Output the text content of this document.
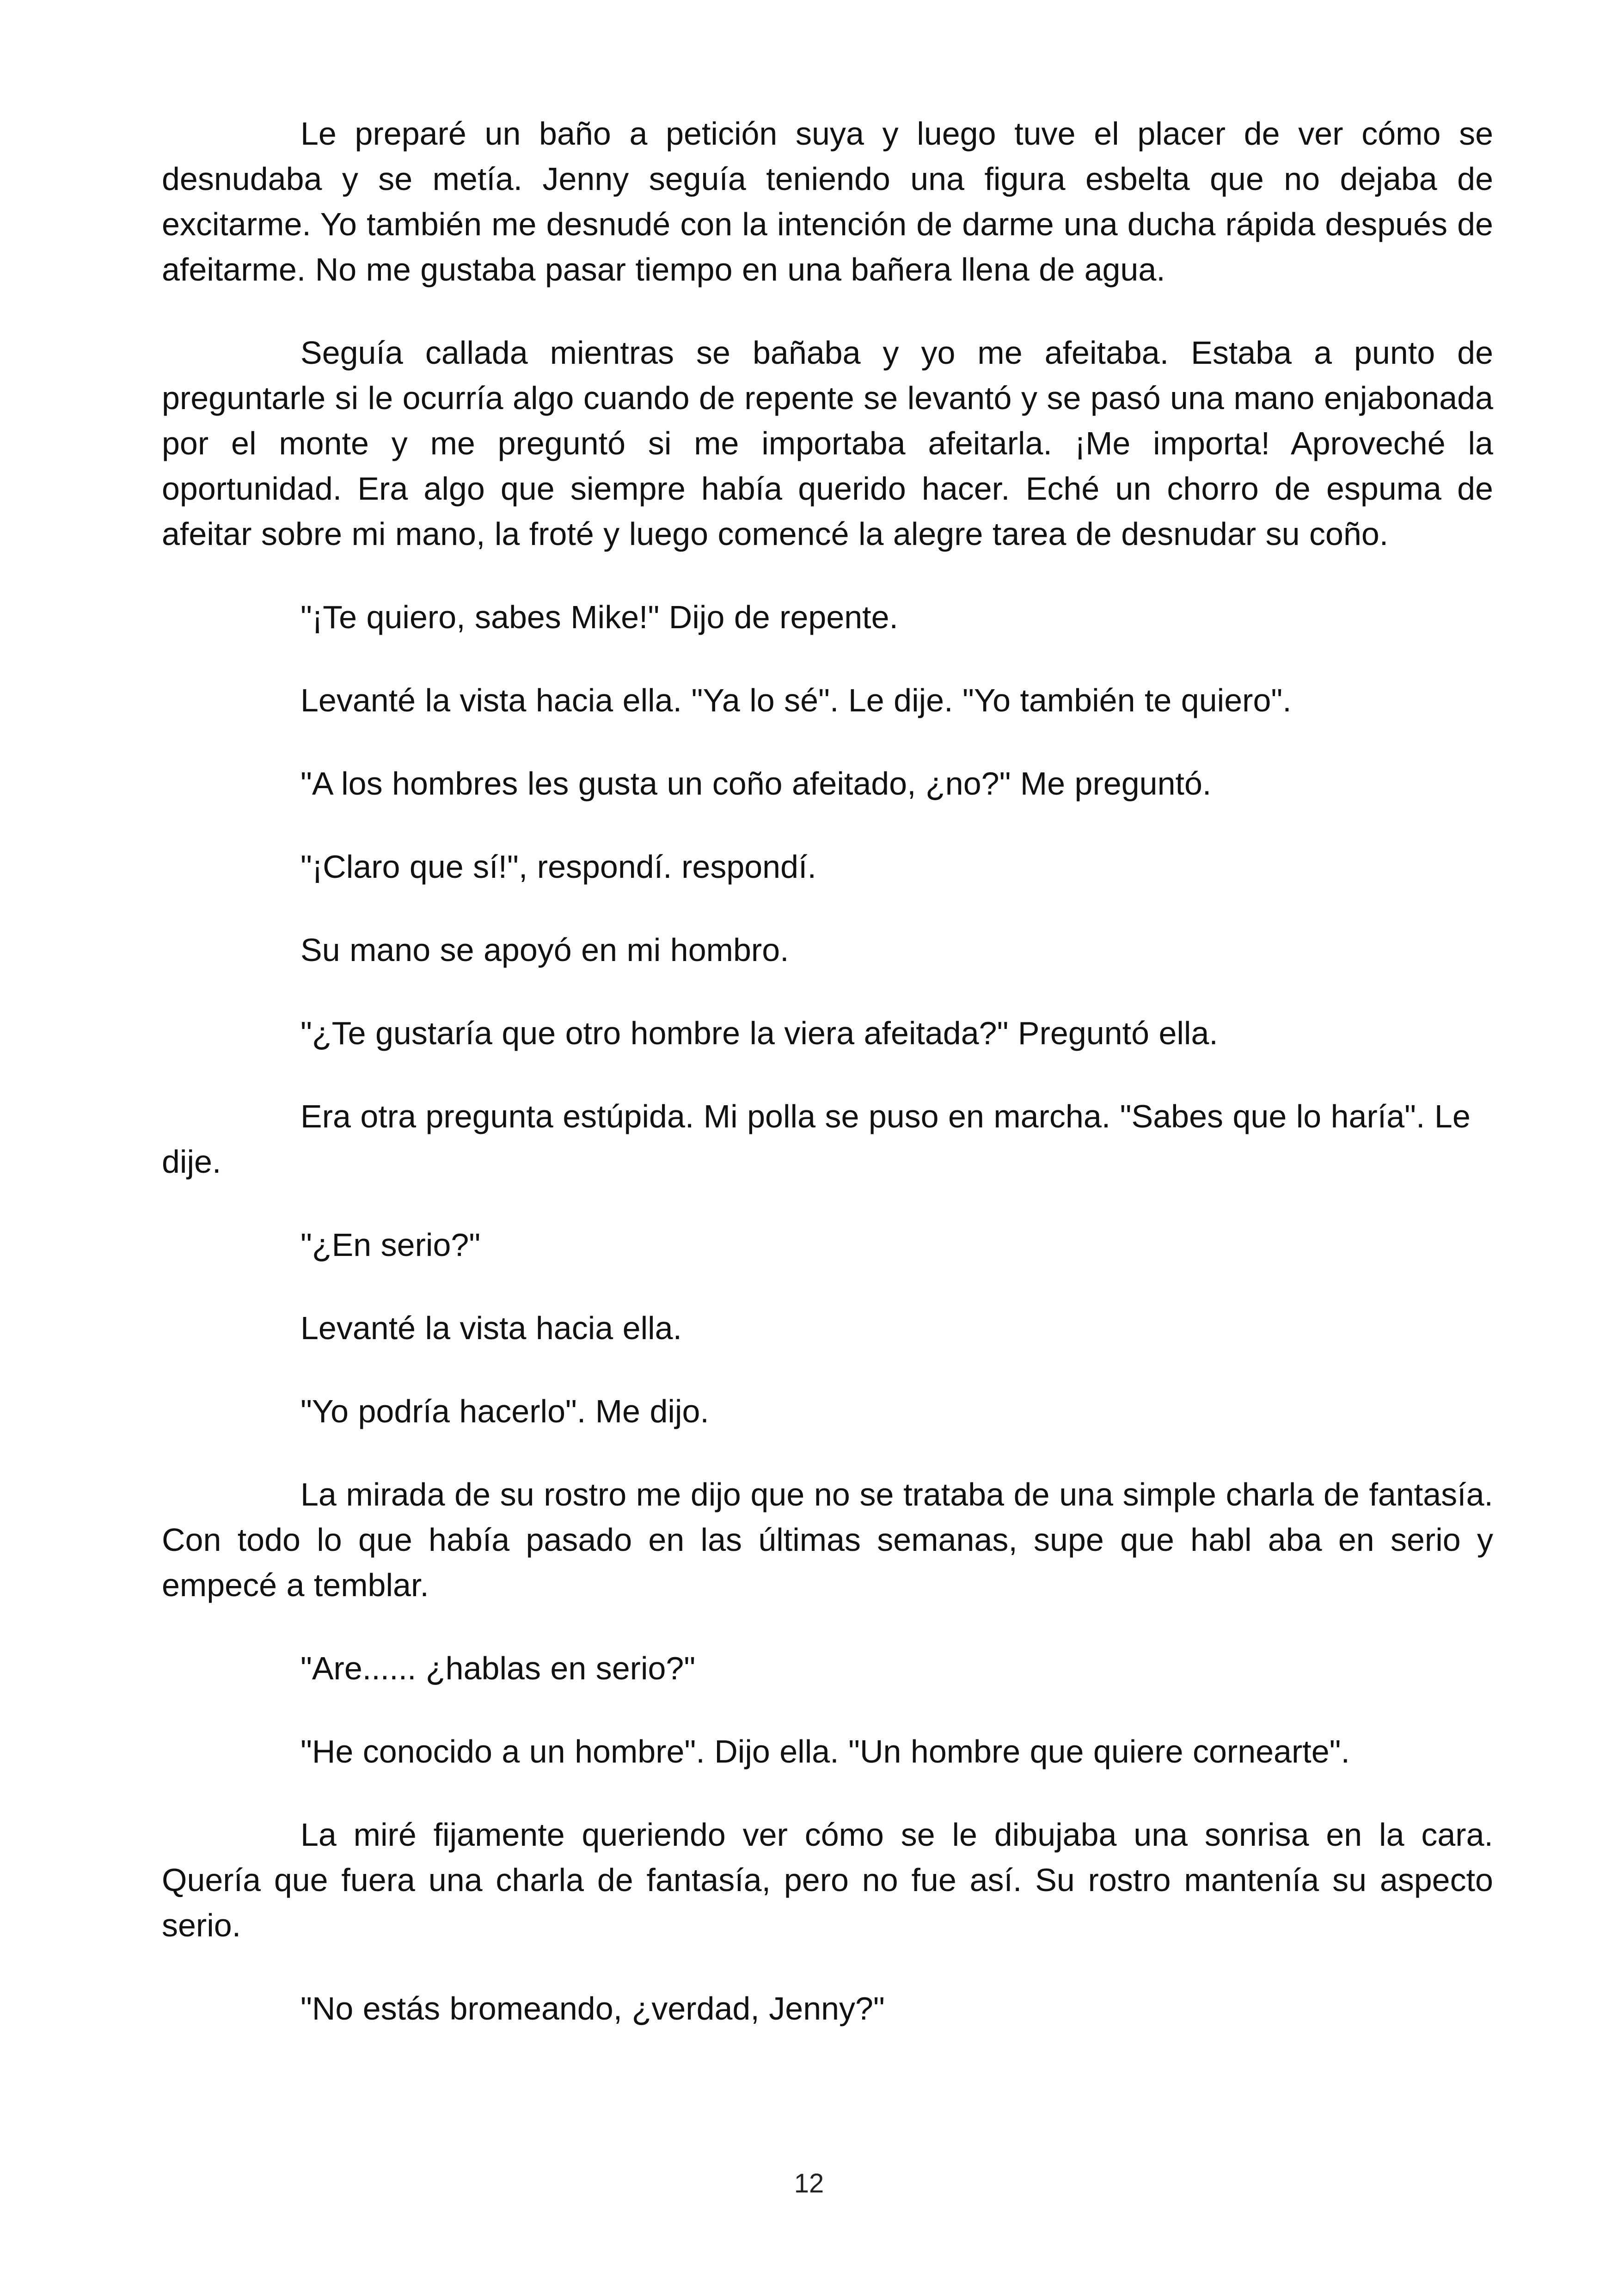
Le preparé un baño a petición suya y luego tuve el placer de ver cómo se desnudaba y se metía. Jenny seguía teniendo una figura esbelta que no dejaba de excitarme. Yo también me desnudé con la intención de darme una ducha rápida después de afeitarme. No me gustaba pasar tiempo en una bañera llena de agua.

Seguía callada mientras se bañaba y yo me afeitaba. Estaba a punto de preguntarle si le ocurría algo cuando de repente se levantó y se pasó una mano enjabonada por el monte y me preguntó si me importaba afeitarla. ¡Me importa! Aproveché la oportunidad. Era algo que siempre había querido hacer. Eché un chorro de espuma de afeitar sobre mi mano, la froté y luego comencé la alegre tarea de desnudar su coño.

"¡Te quiero, sabes Mike!" Dijo de repente.

Levanté la vista hacia ella. "Ya lo sé". Le dije. "Yo también te quiero".

"A los hombres les gusta un coño afeitado, ¿no?" Me preguntó.

"¡Claro que sí!", respondí. respondí.

Su mano se apoyó en mi hombro.

"¿Te gustaría que otro hombre la viera afeitada?" Preguntó ella.

Era otra pregunta estúpida. Mi polla se puso en marcha. "Sabes que lo haría". Le dije.

"¿En serio?"

Levanté la vista hacia ella.

"Yo podría hacerlo". Me dijo.

La mirada de su rostro me dijo que no se trataba de una simple charla de fantasía. Con todo lo que había pasado en las últimas semanas, supe que habl aba en serio y empecé a temblar.

"Are...... ¿hablas en serio?"

"He conocido a un hombre". Dijo ella. "Un hombre que quiere cornearte".

La miré fijamente queriendo ver cómo se le dibujaba una sonrisa en la cara. Quería que fuera una charla de fantasía, pero no fue así. Su rostro mantenía su aspecto serio.

"No estás bromeando, ¿verdad, Jenny?"

12
